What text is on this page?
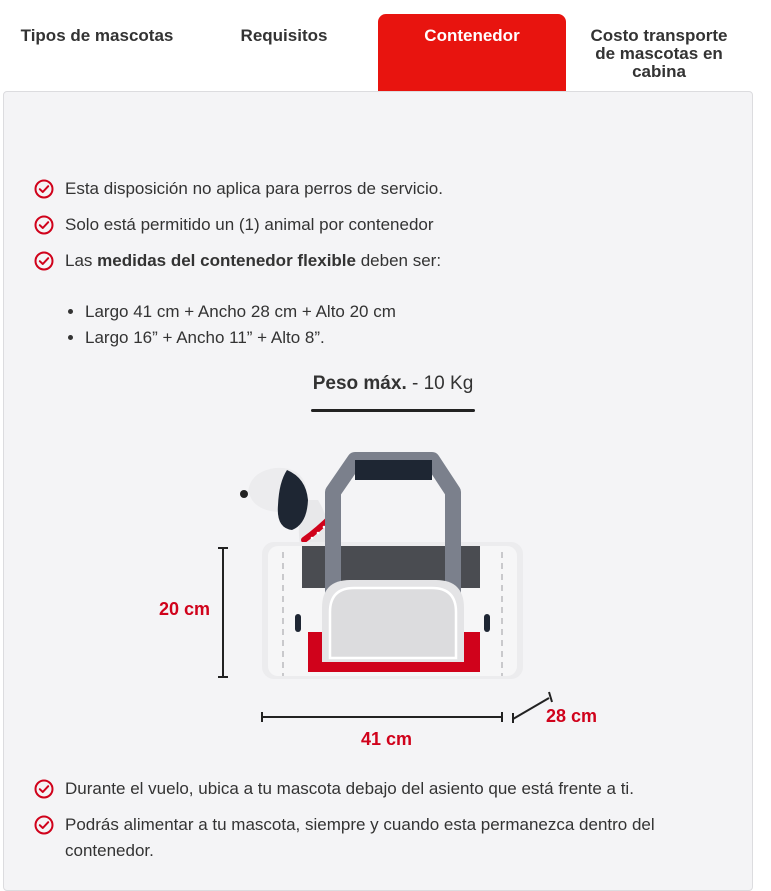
Tipos de mascotas	Requisitos	Contenedor	Costo transporte de mascotas en cabina
Esta disposición no aplica para perros de servicio.
Solo está permitido un (1) animal por contenedor
Las medidas del contenedor flexible deben ser:
• Largo 41 cm + Ancho 28 cm + Alto 20 cm
• Largo 16” + Ancho 11” + Alto 8”.
Peso máx. - 10 Kg
20 cm
41 cm
28 cm
Durante el vuelo, ubica a tu mascota debajo del asiento que está frente a ti.
Podrás alimentar a tu mascota, siempre y cuando esta permanezca dentro del contenedor.
